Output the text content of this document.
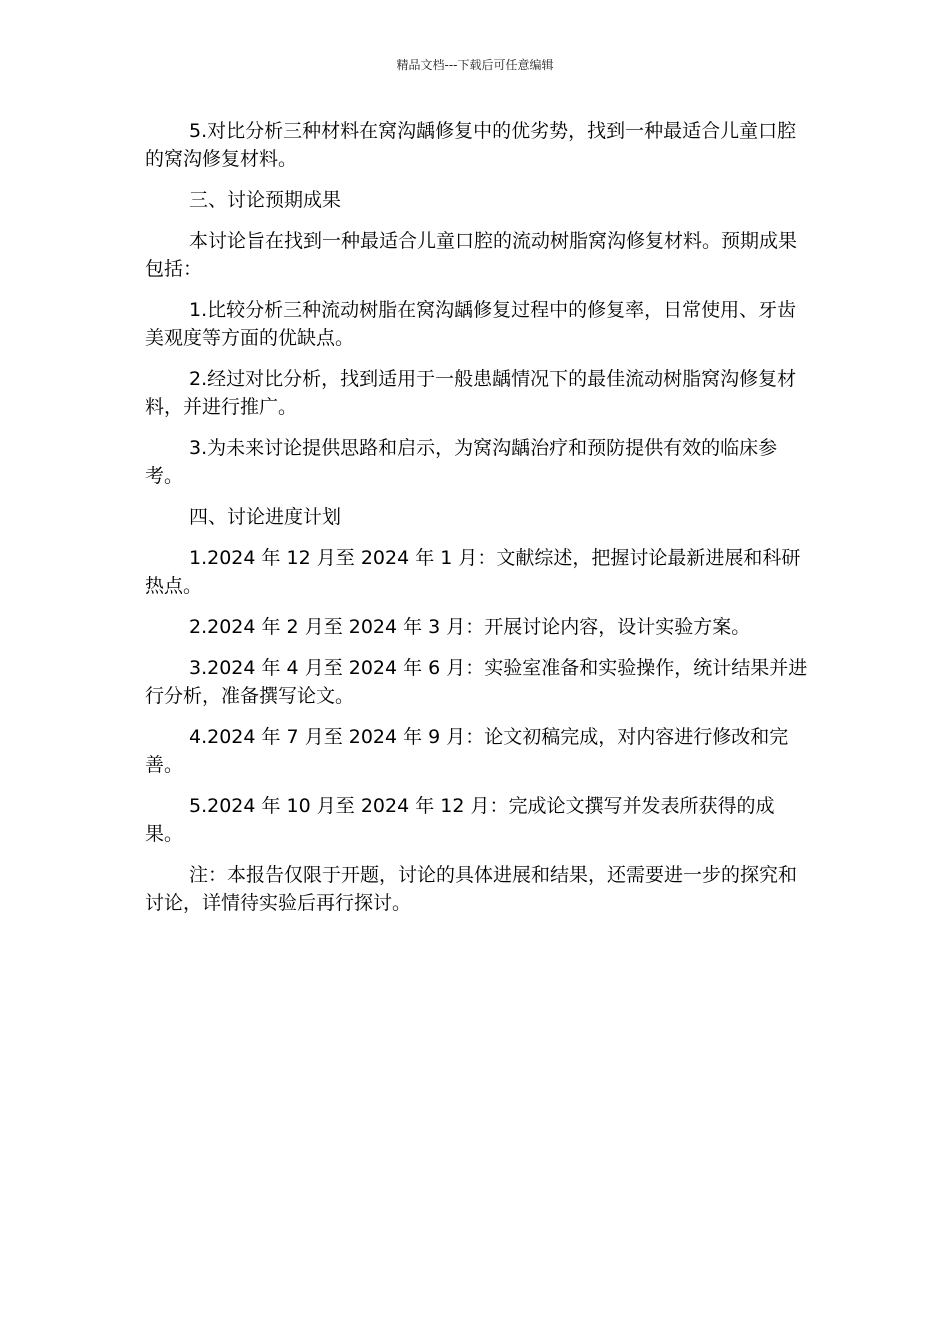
精品文档---下载后可任意编辑

5.对比分析三种材料在窝沟龋修复中的优劣势，找到一种最适合儿童口腔的窝沟修复材料。

三、讨论预期成果

本讨论旨在找到一种最适合儿童口腔的流动树脂窝沟修复材料。预期成果包括：

1.比较分析三种流动树脂在窝沟龋修复过程中的修复率，日常使用、牙齿美观度等方面的优缺点。

2.经过对比分析，找到适用于一般患龋情况下的最佳流动树脂窝沟修复材料，并进行推广。

3.为未来讨论提供思路和启示，为窝沟龋治疗和预防提供有效的临床参考。

四、讨论进度计划

1.2024 年 12 月至 2024 年 1 月：文献综述，把握讨论最新进展和科研热点。

2.2024 年 2 月至 2024 年 3 月：开展讨论内容，设计实验方案。

3.2024 年 4 月至 2024 年 6 月：实验室准备和实验操作，统计结果并进行分析，准备撰写论文。

4.2024 年 7 月至 2024 年 9 月：论文初稿完成，对内容进行修改和完善。

5.2024 年 10 月至 2024 年 12 月：完成论文撰写并发表所获得的成果。

注：本报告仅限于开题，讨论的具体进展和结果，还需要进一步的探究和讨论，详情待实验后再行探讨。
